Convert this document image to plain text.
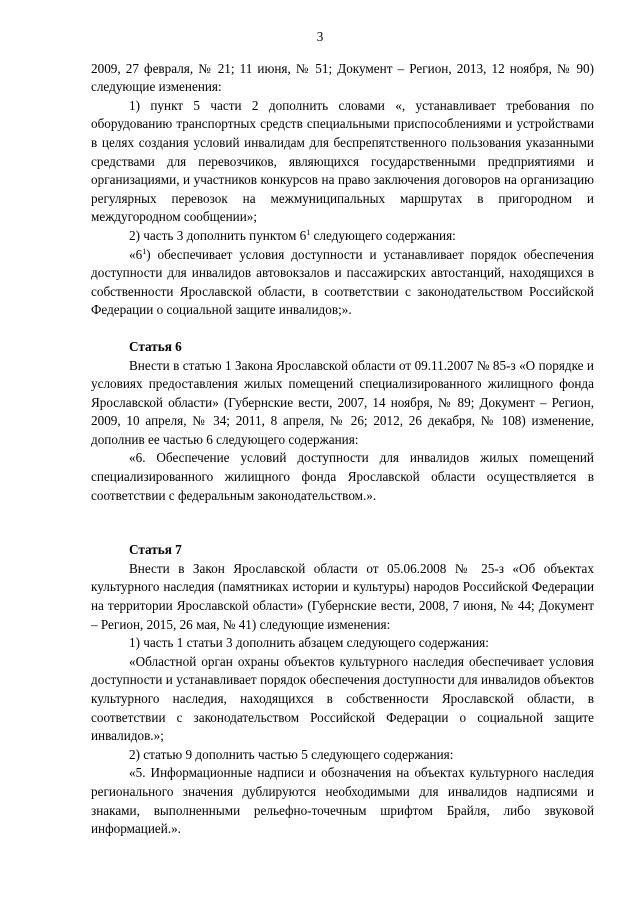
3

2009, 27 февраля, № 21; 11 июня, № 51; Документ – Регион, 2013, 12 ноября, № 90) следующие изменения:

1) пункт 5 части 2 дополнить словами «, устанавливает требования по оборудованию транспортных средств специальными приспособлениями и устройствами в целях создания условий инвалидам для беспрепятственного пользования указанными средствами для перевозчиков, являющихся государственными предприятиями и организациями, и участников конкурсов на право заключения договоров на организацию регулярных перевозок на межмуниципальных маршрутах в пригородном и междугородном сообщении»;

2) часть 3 дополнить пунктом $6^1$ следующего содержания:

«$6^1$) обеспечивает условия доступности и устанавливает порядок обеспечения доступности для инвалидов автовокзалов и пассажирских автостанций, находящихся в собственности Ярославской области, в соответствии с законодательством Российской Федерации о социальной защите инвалидов;».

Статья 6

Внести в статью 1 Закона Ярославской области от 09.11.2007 № 85-з «О порядке и условиях предоставления жилых помещений специализированного жилищного фонда Ярославской области» (Губернские вести, 2007, 14 ноября, № 89; Документ – Регион, 2009, 10 апреля, № 34; 2011, 8 апреля, № 26; 2012, 26 декабря, № 108) изменение, дополнив ее частью 6 следующего содержания:

«6. Обеспечение условий доступности для инвалидов жилых помещений специализированного жилищного фонда Ярославской области осуществляется в соответствии с федеральным законодательством.».

Статья 7

Внести в Закон Ярославской области от 05.06.2008 № 25-з «Об объектах культурного наследия (памятниках истории и культуры) народов Российской Федерации на территории Ярославской области» (Губернские вести, 2008, 7 июня, № 44; Документ – Регион, 2015, 26 мая, № 41) следующие изменения:

1) часть 1 статьи 3 дополнить абзацем следующего содержания:

«Областной орган охраны объектов культурного наследия обеспечивает условия доступности и устанавливает порядок обеспечения доступности для инвалидов объектов культурного наследия, находящихся в собственности Ярославской области, в соответствии с законодательством Российской Федерации о социальной защите инвалидов.»;

2) статью 9 дополнить частью 5 следующего содержания:

«5. Информационные надписи и обозначения на объектах культурного наследия регионального значения дублируются необходимыми для инвалидов надписями и знаками, выполненными рельефно-точечным шрифтом Брайля, либо звуковой информацией.».
